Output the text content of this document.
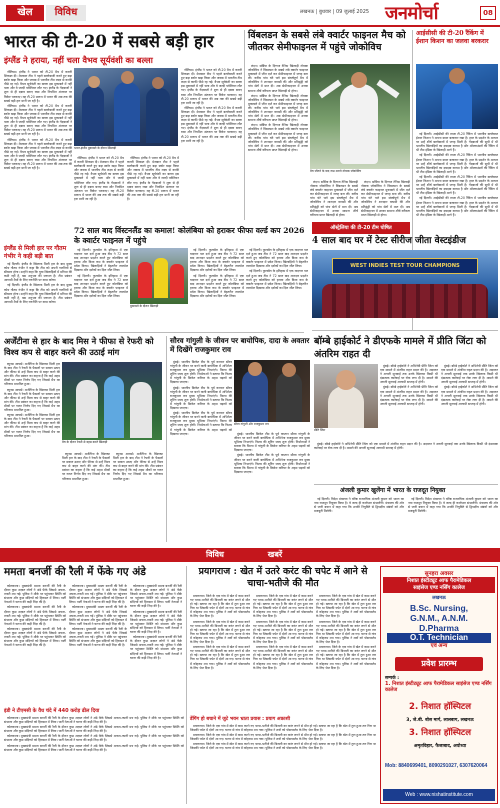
खेल	विविध	लखनऊ | बुधवार | 09 जुलाई 2025 जनमोर्चा	08
भारत की टी-20 में सबसे बड़ी हार
इंग्लैंड ने हराया, नहीं चला वैभव सूर्यवंशी का बल्ला

नॉटिंघम। इंग्लैंड ने भारत को टी-20 मैच में करारी शिकस्त दी। मेजबान टीम ने पहले बल्लेबाजी करते हुए बड़ा स्कोर खड़ा किया और जवाब में भारतीय टीम लक्ष्य से काफी पीछे रह गई। वैभव सूर्यवंशी का बल्ला इस मुकाबले में नहीं चला और वे जल्दी पवेलियन लौट गए। इंग्लैंड के गेंदबाजों ने शुरू से ही दबाव बनाए रखा और नियमित अंतराल पर विकेट चटकाए। यह टी-20 प्रारूप में भारत की अब तक की सबसे बड़ी हार मानी जा रही है।

नॉटिंघम। इंग्लैंड ने भारत को टी-20 मैच में करारी शिकस्त दी। मेजबान टीम ने पहले बल्लेबाजी करते हुए बड़ा स्कोर खड़ा किया और जवाब में भारतीय टीम लक्ष्य से काफी पीछे रह गई। वैभव सूर्यवंशी का बल्ला इस मुकाबले में नहीं चला और वे जल्दी पवेलियन लौट गए। इंग्लैंड के गेंदबाजों ने शुरू से ही दबाव बनाए रखा और नियमित अंतराल पर विकेट चटकाए। यह टी-20 प्रारूप में भारत की अब तक की सबसे बड़ी हार मानी जा रही है।

नॉटिंघम। इंग्लैंड ने भारत को टी-20 मैच में करारी शिकस्त दी। मेजबान टीम ने पहले बल्लेबाजी करते हुए बड़ा स्कोर खड़ा किया और जवाब में भारतीय टीम लक्ष्य से काफी पीछे रह गई। वैभव सूर्यवंशी का बल्ला इस मुकाबले में नहीं चला और वे जल्दी पवेलियन लौट गए। इंग्लैंड के गेंदबाजों ने शुरू से ही दबाव बनाए रखा और नियमित अंतराल पर विकेट चटकाए। यह टी-20 प्रारूप में भारत की अब तक की सबसे बड़ी हार मानी जा रही है।

भारत-इंग्लैंड मुकाबले के दौरान खिलाड़ी

नॉटिंघम। इंग्लैंड ने भारत को टी-20 मैच में करारी शिकस्त दी। मेजबान टीम ने पहले बल्लेबाजी करते हुए बड़ा स्कोर खड़ा किया और जवाब में भारतीय टीम लक्ष्य से काफी पीछे रह गई। वैभव सूर्यवंशी का बल्ला इस मुकाबले में नहीं चला और वे जल्दी पवेलियन लौट गए। इंग्लैंड के गेंदबाजों ने शुरू से ही दबाव बनाए रखा और नियमित अंतराल पर विकेट चटकाए। यह टी-20 प्रारूप में भारत की अब तक की सबसे बड़ी हार मानी जा रही है।

नॉटिंघम। इंग्लैंड ने भारत को टी-20 मैच में करारी शिकस्त दी। मेजबान टीम ने पहले बल्लेबाजी करते हुए बड़ा स्कोर खड़ा किया और जवाब में भारतीय टीम लक्ष्य से काफी पीछे रह गई। वैभव सूर्यवंशी का बल्ला इस मुकाबले में नहीं चला और वे जल्दी पवेलियन लौट गए। इंग्लैंड के गेंदबाजों ने शुरू से ही दबाव बनाए रखा और नियमित अंतराल पर विकेट चटकाए। यह टी-20 प्रारूप में भारत की अब तक की सबसे बड़ी हार मानी जा रही है।

नॉटिंघम। इंग्लैंड ने भारत को टी-20 मैच में करारी शिकस्त दी। मेजबान टीम ने पहले बल्लेबाजी करते हुए बड़ा स्कोर खड़ा किया और जवाब में भारतीय टीम लक्ष्य से काफी पीछे रह गई। वैभव सूर्यवंशी का बल्ला इस मुकाबले में नहीं चला और वे जल्दी पवेलियन लौट गए। इंग्लैंड के गेंदबाजों ने शुरू से ही दबाव बनाए रखा और नियमित अंतराल पर विकेट चटकाए। यह टी-20 प्रारूप में भारत की अब तक की सबसे बड़ी हार मानी जा रही है।

नॉटिंघम। इंग्लैंड ने भारत को टी-20 मैच में करारी शिकस्त दी। मेजबान टीम ने पहले बल्लेबाजी करते हुए बड़ा स्कोर खड़ा किया और जवाब में भारतीय टीम लक्ष्य से काफी पीछे रह गई। वैभव सूर्यवंशी का बल्ला इस मुकाबले में नहीं चला और वे जल्दी पवेलियन लौट गए। इंग्लैंड के गेंदबाजों ने शुरू से ही दबाव बनाए रखा और नियमित अंतराल पर विकेट चटकाए। यह टी-20 प्रारूप में भारत की अब तक की सबसे बड़ी हार मानी जा रही है।

इंग्लैंड से मिली हार पर गौतम गंभीर ने कही बड़ी बात

नई दिल्ली। इंग्लैंड के खिलाफ मिली हार के बाद मुख्य कोच गौतम गंभीर ने कहा कि टीम को अपनी गलतियों से सीखना होगा। उन्होंने कहा कि युवा खिलाड़ियों में प्रतिभा की कमी नहीं है, बस अनुभव की जरूरत है। टीम प्रबंधन आगामी मैचों के लिए रणनीति पर काम करेगा।

नई दिल्ली। इंग्लैंड के खिलाफ मिली हार के बाद मुख्य कोच गौतम गंभीर ने कहा कि टीम को अपनी गलतियों से सीखना होगा। उन्होंने कहा कि युवा खिलाड़ियों में प्रतिभा की कमी नहीं है, बस अनुभव की जरूरत है। टीम प्रबंधन आगामी मैचों के लिए रणनीति पर काम करेगा।

विंबलडन के सबसे लंबे क्वार्टर फाइनल मैच को जीतकर सेमीफाइनल में पहुंचे जोकोविच

लंदन। सर्बिया के दिग्गज टेनिस खिलाड़ी नोवाक जोकोविच ने विंबलडन के सबसे लंबे क्वार्टर फाइनल मुकाबले में जीत दर्ज कर सेमीफाइनल में जगह बना ली। करीब पांच घंटे चले इस संघर्षपूर्ण मैच में जोकोविच ने शानदार वापसी की और प्रतिद्वंद्वी को पांच सेटों में मात दी। अब सेमीफाइनल में उनका सामना शीर्ष वरीयता प्राप्त खिलाड़ी से होगा।

लंदन। सर्बिया के दिग्गज टेनिस खिलाड़ी नोवाक जोकोविच ने विंबलडन के सबसे लंबे क्वार्टर फाइनल मुकाबले में जीत दर्ज कर सेमीफाइनल में जगह बना ली। करीब पांच घंटे चले इस संघर्षपूर्ण मैच में जोकोविच ने शानदार वापसी की और प्रतिद्वंद्वी को पांच सेटों में मात दी। अब सेमीफाइनल में उनका सामना शीर्ष वरीयता प्राप्त खिलाड़ी से होगा।

लंदन। सर्बिया के दिग्गज टेनिस खिलाड़ी नोवाक जोकोविच ने विंबलडन के सबसे लंबे क्वार्टर फाइनल मुकाबले में जीत दर्ज कर सेमीफाइनल में जगह बना ली। करीब पांच घंटे चले इस संघर्षपूर्ण मैच में जोकोविच ने शानदार वापसी की और प्रतिद्वंद्वी को पांच सेटों में मात दी। अब सेमीफाइनल में उनका सामना शीर्ष वरीयता प्राप्त खिलाड़ी से होगा।

मैच जीतने के बाद जश्न मनाते नोवाक जोकोविच

लंदन। सर्बिया के दिग्गज टेनिस खिलाड़ी नोवाक जोकोविच ने विंबलडन के सबसे लंबे क्वार्टर फाइनल मुकाबले में जीत दर्ज कर सेमीफाइनल में जगह बना ली। करीब पांच घंटे चले इस संघर्षपूर्ण मैच में जोकोविच ने शानदार वापसी की और प्रतिद्वंद्वी को पांच सेटों में मात दी। अब सेमीफाइनल में उनका सामना शीर्ष वरीयता प्राप्त खिलाड़ी से होगा।

लंदन। सर्बिया के दिग्गज टेनिस खिलाड़ी नोवाक जोकोविच ने विंबलडन के सबसे लंबे क्वार्टर फाइनल मुकाबले में जीत दर्ज कर सेमीफाइनल में जगह बना ली। करीब पांच घंटे चले इस संघर्षपूर्ण मैच में जोकोविच ने शानदार वापसी की और प्रतिद्वंद्वी को पांच सेटों में मात दी। अब सेमीफाइनल में उनका सामना शीर्ष वरीयता प्राप्त खिलाड़ी से होगा।

आईसीसी की टी-20 रैंकिंग में ईशान किशन का जलवा बरकरार

नई दिल्ली। आईसीसी की ताजा टी-20 रैंकिंग में भारतीय बल्लेबाज ईशान किशन ने अपना स्थान बरकरार रखा है। हाल के प्रदर्शन के आधार पर उन्हें शीर्ष बल्लेबाजों में जगह मिली है। गेंदबाजों की सूची में भी भारतीय खिलाड़ियों का दबदबा कायम है और ऑलराउंडरों की रैंकिंग में भी टीम इंडिया के खिलाड़ी आगे हैं।

नई दिल्ली। आईसीसी की ताजा टी-20 रैंकिंग में भारतीय बल्लेबाज ईशान किशन ने अपना स्थान बरकरार रखा है। हाल के प्रदर्शन के आधार पर उन्हें शीर्ष बल्लेबाजों में जगह मिली है। गेंदबाजों की सूची में भी भारतीय खिलाड़ियों का दबदबा कायम है और ऑलराउंडरों की रैंकिंग में भी टीम इंडिया के खिलाड़ी आगे हैं।

नई दिल्ली। आईसीसी की ताजा टी-20 रैंकिंग में भारतीय बल्लेबाज ईशान किशन ने अपना स्थान बरकरार रखा है। हाल के प्रदर्शन के आधार पर उन्हें शीर्ष बल्लेबाजों में जगह मिली है। गेंदबाजों की सूची में भी भारतीय खिलाड़ियों का दबदबा कायम है और ऑलराउंडरों की रैंकिंग में भी टीम इंडिया के खिलाड़ी आगे हैं।

नई दिल्ली। आईसीसी की ताजा टी-20 रैंकिंग में भारतीय बल्लेबाज ईशान किशन ने अपना स्थान बरकरार रखा है। हाल के प्रदर्शन के आधार पर उन्हें शीर्ष बल्लेबाजों में जगह मिली है। गेंदबाजों की सूची में भी भारतीय खिलाड़ियों का दबदबा कायम है और ऑलराउंडरों की रैंकिंग में भी टीम इंडिया के खिलाड़ी आगे हैं।

72 साल बाद विंस्टनलैंड का कमाल! कोलंबिया को हराकर फीफा वर्ल्ड कप 2026 के क्वार्टर फाइनल में पहुंचे

नई दिल्ली। फुटबॉल के इतिहास में एक यादगार पल दर्ज हुआ जब टीम ने 72 साल बाद शानदार प्रदर्शन करते हुए कोलंबिया को हराया और विश्व कप के क्वार्टर फाइनल में प्रवेश किया। खिलाड़ियों ने बेहतरीन तालमेल दिखाया और दर्शकों का दिल जीत लिया।

नई दिल्ली। फुटबॉल के इतिहास में एक यादगार पल दर्ज हुआ जब टीम ने 72 साल बाद शानदार प्रदर्शन करते हुए कोलंबिया को हराया और विश्व कप के क्वार्टर फाइनल में प्रवेश किया। खिलाड़ियों ने बेहतरीन तालमेल दिखाया और दर्शकों का दिल जीत लिया।

मुकाबले के दौरान खिलाड़ी

नई दिल्ली। फुटबॉल के इतिहास में एक यादगार पल दर्ज हुआ जब टीम ने 72 साल बाद शानदार प्रदर्शन करते हुए कोलंबिया को हराया और विश्व कप के क्वार्टर फाइनल में प्रवेश किया। खिलाड़ियों ने बेहतरीन तालमेल दिखाया और दर्शकों का दिल जीत लिया।

नई दिल्ली। फुटबॉल के इतिहास में एक यादगार पल दर्ज हुआ जब टीम ने 72 साल बाद शानदार प्रदर्शन करते हुए कोलंबिया को हराया और विश्व कप के क्वार्टर फाइनल में प्रवेश किया। खिलाड़ियों ने बेहतरीन तालमेल दिखाया और दर्शकों का दिल जीत लिया।

नई दिल्ली। फुटबॉल के इतिहास में एक यादगार पल दर्ज हुआ जब टीम ने 72 साल बाद शानदार प्रदर्शन करते हुए कोलंबिया को हराया और विश्व कप के क्वार्टर फाइनल में प्रवेश किया। खिलाड़ियों ने बेहतरीन तालमेल दिखाया और दर्शकों का दिल जीत लिया।

नई दिल्ली। फुटबॉल के इतिहास में एक यादगार पल दर्ज हुआ जब टीम ने 72 साल बाद शानदार प्रदर्शन करते हुए कोलंबिया को हराया और विश्व कप के क्वार्टर फाइनल में प्रवेश किया। खिलाड़ियों ने बेहतरीन तालमेल दिखाया और दर्शकों का दिल जीत लिया।

ऑस्ट्रेलिया की टी-20 टीम घोषित
4 साल बाद घर में टेस्ट सीरीज जीता वेस्टइंडीज
WEST INDIES TEST TOUR CHAMPIONS
अर्जेंटीना से हार के बाद मिस ने फीफा से रेफरी को विश्व कप से बाहर करने की उठाई मांग

ब्यूनस आयर्स। अर्जेंटीना के खिलाफ मिली हार के बाद टीम ने रेफरी के फैसलों पर सवाल उठाए और फीफा से उन्हें विश्व कप से बाहर करने की मांग की। टीम प्रबंधन का कहना है कि कई अहम मौकों पर गलत निर्णय दिए गए जिससे मैच का परिणाम प्रभावित हुआ।

ब्यूनस आयर्स। अर्जेंटीना के खिलाफ मिली हार के बाद टीम ने रेफरी के फैसलों पर सवाल उठाए और फीफा से उन्हें विश्व कप से बाहर करने की मांग की। टीम प्रबंधन का कहना है कि कई अहम मौकों पर गलत निर्णय दिए गए जिससे मैच का परिणाम प्रभावित हुआ।

ब्यूनस आयर्स। अर्जेंटीना के खिलाफ मिली हार के बाद टीम ने रेफरी के फैसलों पर सवाल उठाए और फीफा से उन्हें विश्व कप से बाहर करने की मांग की। टीम प्रबंधन का कहना है कि कई अहम मौकों पर गलत निर्णय दिए गए जिससे मैच का परिणाम प्रभावित हुआ।

मैच के दौरान रेफरी से बहस करते खिलाड़ी

ब्यूनस आयर्स। अर्जेंटीना के खिलाफ मिली हार के बाद टीम ने रेफरी के फैसलों पर सवाल उठाए और फीफा से उन्हें विश्व कप से बाहर करने की मांग की। टीम प्रबंधन का कहना है कि कई अहम मौकों पर गलत निर्णय दिए गए जिससे मैच का परिणाम प्रभावित हुआ।

ब्यूनस आयर्स। अर्जेंटीना के खिलाफ मिली हार के बाद टीम ने रेफरी के फैसलों पर सवाल उठाए और फीफा से उन्हें विश्व कप से बाहर करने की मांग की। टीम प्रबंधन का कहना है कि कई अहम मौकों पर गलत निर्णय दिए गए जिससे मैच का परिणाम प्रभावित हुआ।

सौरव गांगुली के जीवन पर बायोपिक, दादा के अवतार में दिखेंगे राजकुमार राव

मुंबई। भारतीय क्रिकेट टीम के पूर्व कप्तान सौरव गांगुली के जीवन पर बनने वाली बायोपिक में अभिनेता राजकुमार राव मुख्य भूमिका निभाएंगे। फिल्म की शूटिंग जल्द शुरू होगी। निर्माताओं ने बताया कि फिल्म में गांगुली के क्रिकेट करियर के अहम पड़ावों को दिखाया जाएगा।

मुंबई। भारतीय क्रिकेट टीम के पूर्व कप्तान सौरव गांगुली के जीवन पर बनने वाली बायोपिक में अभिनेता राजकुमार राव मुख्य भूमिका निभाएंगे। फिल्म की शूटिंग जल्द शुरू होगी। निर्माताओं ने बताया कि फिल्म में गांगुली के क्रिकेट करियर के अहम पड़ावों को दिखाया जाएगा।

मुंबई। भारतीय क्रिकेट टीम के पूर्व कप्तान सौरव गांगुली के जीवन पर बनने वाली बायोपिक में अभिनेता राजकुमार राव मुख्य भूमिका निभाएंगे। फिल्म की शूटिंग जल्द शुरू होगी। निर्माताओं ने बताया कि फिल्म में गांगुली के क्रिकेट करियर के अहम पड़ावों को दिखाया जाएगा।

सौरव गांगुली और राजकुमार राव

मुंबई। भारतीय क्रिकेट टीम के पूर्व कप्तान सौरव गांगुली के जीवन पर बनने वाली बायोपिक में अभिनेता राजकुमार राव मुख्य भूमिका निभाएंगे। फिल्म की शूटिंग जल्द शुरू होगी। निर्माताओं ने बताया कि फिल्म में गांगुली के क्रिकेट करियर के अहम पड़ावों को दिखाया जाएगा।

मुंबई। भारतीय क्रिकेट टीम के पूर्व कप्तान सौरव गांगुली के जीवन पर बनने वाली बायोपिक में अभिनेता राजकुमार राव मुख्य भूमिका निभाएंगे। फिल्म की शूटिंग जल्द शुरू होगी। निर्माताओं ने बताया कि फिल्म में गांगुली के क्रिकेट करियर के अहम पड़ावों को दिखाया जाएगा।

बॉम्बे हाईकोर्ट ने डीएफके मामले में प्रीति जिंटा को अंतरिम राहत दी
प्रीति जिंटा

मुंबई। बॉम्बे हाईकोर्ट ने अभिनेत्री प्रीति जिंटा को एक मामले में अंतरिम राहत प्रदान की है। अदालत ने अगली सुनवाई तक उनके खिलाफ किसी भी दंडात्मक कार्रवाई पर रोक लगा दी है। मामले की अगली सुनवाई आगामी सप्ताह में होगी।

मुंबई। बॉम्बे हाईकोर्ट ने अभिनेत्री प्रीति जिंटा को एक मामले में अंतरिम राहत प्रदान की है। अदालत ने अगली सुनवाई तक उनके खिलाफ किसी भी दंडात्मक कार्रवाई पर रोक लगा दी है। मामले की अगली सुनवाई आगामी सप्ताह में होगी।

मुंबई। बॉम्बे हाईकोर्ट ने अभिनेत्री प्रीति जिंटा को एक मामले में अंतरिम राहत प्रदान की है। अदालत ने अगली सुनवाई तक उनके खिलाफ किसी भी दंडात्मक कार्रवाई पर रोक लगा दी है। मामले की अगली सुनवाई आगामी सप्ताह में होगी।

मुंबई। बॉम्बे हाईकोर्ट ने अभिनेत्री प्रीति जिंटा को एक मामले में अंतरिम राहत प्रदान की है। अदालत ने अगली सुनवाई तक उनके खिलाफ किसी भी दंडात्मक कार्रवाई पर रोक लगा दी है। मामले की अगली सुनवाई आगामी सप्ताह में होगी।

अंजली कुमार खुलेंगा में भारत के राजदूत नियुक्त

नई दिल्ली। विदेश मंत्रालय ने वरिष्ठ राजनयिक अंजली कुमार को भारत का नया राजदूत नियुक्त किया है। वे जल्द ही कार्यभार संभालेंगी। मंत्रालय की ओर से जारी बयान में कहा गया कि उनकी नियुक्ति से द्विपक्षीय संबंधों को और मजबूती मिलेगी।

नई दिल्ली। विदेश मंत्रालय ने वरिष्ठ राजनयिक अंजली कुमार को भारत का नया राजदूत नियुक्त किया है। वे जल्द ही कार्यभार संभालेंगी। मंत्रालय की ओर से जारी बयान में कहा गया कि उनकी नियुक्ति से द्विपक्षीय संबंधों को और मजबूती मिलेगी।

मुंबई। बॉम्बे हाईकोर्ट ने अभिनेत्री प्रीति जिंटा को एक मामले में अंतरिम राहत प्रदान की है। अदालत ने अगली सुनवाई तक उनके खिलाफ किसी भी दंडात्मक कार्रवाई पर रोक लगा दी है। मामले की अगली सुनवाई आगामी सप्ताह में होगी।

विविध	खबरें
ममता बनर्जी की रैली में फेंके गए अंडे

कोलकाता। मुख्यमंत्री ममता बनर्जी की रैली के दौरान कुछ अज्ञात लोगों ने अंडे फेंके जिससे अफरा-तफरी मच गई। पुलिस ने मौके पर पहुंचकर स्थिति को संभाला और कुछ संदिग्धों को हिरासत में लिया। पार्टी नेताओं ने घटना की कड़ी निंदा की है।

कोलकाता। मुख्यमंत्री ममता बनर्जी की रैली के दौरान कुछ अज्ञात लोगों ने अंडे फेंके जिससे अफरा-तफरी मच गई। पुलिस ने मौके पर पहुंचकर स्थिति को संभाला और कुछ संदिग्धों को हिरासत में लिया। पार्टी नेताओं ने घटना की कड़ी निंदा की है।

कोलकाता। मुख्यमंत्री ममता बनर्जी की रैली के दौरान कुछ अज्ञात लोगों ने अंडे फेंके जिससे अफरा-तफरी मच गई। पुलिस ने मौके पर पहुंचकर स्थिति को संभाला और कुछ संदिग्धों को हिरासत में लिया। पार्टी नेताओं ने घटना की कड़ी निंदा की है।

कोलकाता। मुख्यमंत्री ममता बनर्जी की रैली के दौरान कुछ अज्ञात लोगों ने अंडे फेंके जिससे अफरा-तफरी मच गई। पुलिस ने मौके पर पहुंचकर स्थिति को संभाला और कुछ संदिग्धों को हिरासत में लिया। पार्टी नेताओं ने घटना की कड़ी निंदा की है।

कोलकाता। मुख्यमंत्री ममता बनर्जी की रैली के दौरान कुछ अज्ञात लोगों ने अंडे फेंके जिससे अफरा-तफरी मच गई। पुलिस ने मौके पर पहुंचकर स्थिति को संभाला और कुछ संदिग्धों को हिरासत में लिया। पार्टी नेताओं ने घटना की कड़ी निंदा की है।

कोलकाता। मुख्यमंत्री ममता बनर्जी की रैली के दौरान कुछ अज्ञात लोगों ने अंडे फेंके जिससे अफरा-तफरी मच गई। पुलिस ने मौके पर पहुंचकर स्थिति को संभाला और कुछ संदिग्धों को हिरासत में लिया। पार्टी नेताओं ने घटना की कड़ी निंदा की है।

कोलकाता। मुख्यमंत्री ममता बनर्जी की रैली के दौरान कुछ अज्ञात लोगों ने अंडे फेंके जिससे अफरा-तफरी मच गई। पुलिस ने मौके पर पहुंचकर स्थिति को संभाला और कुछ संदिग्धों को हिरासत में लिया। पार्टी नेताओं ने घटना की कड़ी निंदा की है।

कोलकाता। मुख्यमंत्री ममता बनर्जी की रैली के दौरान कुछ अज्ञात लोगों ने अंडे फेंके जिससे अफरा-तफरी मच गई। पुलिस ने मौके पर पहुंचकर स्थिति को संभाला और कुछ संदिग्धों को हिरासत में लिया। पार्टी नेताओं ने घटना की कड़ी निंदा की है।

कोलकाता। मुख्यमंत्री ममता बनर्जी की रैली के दौरान कुछ अज्ञात लोगों ने अंडे फेंके जिससे अफरा-तफरी मच गई। पुलिस ने मौके पर पहुंचकर स्थिति को संभाला और कुछ संदिग्धों को हिरासत में लिया। पार्टी नेताओं ने घटना की कड़ी निंदा की है।

इंडी ने टीएमसी के वैध चंदे में 440 करोड़ ढील दिया

कोलकाता। मुख्यमंत्री ममता बनर्जी की रैली के दौरान कुछ अज्ञात लोगों ने अंडे फेंके जिससे अफरा-तफरी मच गई। पुलिस ने मौके पर पहुंचकर स्थिति को संभाला और कुछ संदिग्धों को हिरासत में लिया। पार्टी नेताओं ने घटना की कड़ी निंदा की है।

कोलकाता। मुख्यमंत्री ममता बनर्जी की रैली के दौरान कुछ अज्ञात लोगों ने अंडे फेंके जिससे अफरा-तफरी मच गई। पुलिस ने मौके पर पहुंचकर स्थिति को संभाला और कुछ संदिग्धों को हिरासत में लिया। पार्टी नेताओं ने घटना की कड़ी निंदा की है।

कोलकाता। मुख्यमंत्री ममता बनर्जी की रैली के दौरान कुछ अज्ञात लोगों ने अंडे फेंके जिससे अफरा-तफरी मच गई। पुलिस ने मौके पर पहुंचकर स्थिति को संभाला और कुछ संदिग्धों को हिरासत में लिया। पार्टी नेताओं ने घटना की कड़ी निंदा की है।

कोलकाता। मुख्यमंत्री ममता बनर्जी की रैली के दौरान कुछ अज्ञात लोगों ने अंडे फेंके जिससे अफरा-तफरी मच गई। पुलिस ने मौके पर पहुंचकर स्थिति को संभाला और कुछ संदिग्धों को हिरासत में लिया। पार्टी नेताओं ने घटना की कड़ी निंदा की है।

प्रयागराज : खेत में उतरे करंट की चपेट में आने से चाचा-भतीजे की मौत

प्रयागराज। जिले के एक गांव में खेत में काम करने गए चाचा-भतीजे की बिजली का करंट लगने से मौत हो गई। बताया जा रहा है कि खेत में टूटा हुआ तार गिरा था जिसकी चपेट में दोनों आ गए। घटना से गांव में कोहराम मच गया। पुलिस ने शवों को पोस्टमार्टम के लिए भेज दिया है।

प्रयागराज। जिले के एक गांव में खेत में काम करने गए चाचा-भतीजे की बिजली का करंट लगने से मौत हो गई। बताया जा रहा है कि खेत में टूटा हुआ तार गिरा था जिसकी चपेट में दोनों आ गए। घटना से गांव में कोहराम मच गया। पुलिस ने शवों को पोस्टमार्टम के लिए भेज दिया है।

प्रयागराज। जिले के एक गांव में खेत में काम करने गए चाचा-भतीजे की बिजली का करंट लगने से मौत हो गई। बताया जा रहा है कि खेत में टूटा हुआ तार गिरा था जिसकी चपेट में दोनों आ गए। घटना से गांव में कोहराम मच गया। पुलिस ने शवों को पोस्टमार्टम के लिए भेज दिया है।

प्रयागराज। जिले के एक गांव में खेत में काम करने गए चाचा-भतीजे की बिजली का करंट लगने से मौत हो गई। बताया जा रहा है कि खेत में टूटा हुआ तार गिरा था जिसकी चपेट में दोनों आ गए। घटना से गांव में कोहराम मच गया। पुलिस ने शवों को पोस्टमार्टम के लिए भेज दिया है।

प्रयागराज। जिले के एक गांव में खेत में काम करने गए चाचा-भतीजे की बिजली का करंट लगने से मौत हो गई। बताया जा रहा है कि खेत में टूटा हुआ तार गिरा था जिसकी चपेट में दोनों आ गए। घटना से गांव में कोहराम मच गया। पुलिस ने शवों को पोस्टमार्टम के लिए भेज दिया है।

प्रयागराज। जिले के एक गांव में खेत में काम करने गए चाचा-भतीजे की बिजली का करंट लगने से मौत हो गई। बताया जा रहा है कि खेत में टूटा हुआ तार गिरा था जिसकी चपेट में दोनों आ गए। घटना से गांव में कोहराम मच गया। पुलिस ने शवों को पोस्टमार्टम के लिए भेज दिया है।

प्रयागराज। जिले के एक गांव में खेत में काम करने गए चाचा-भतीजे की बिजली का करंट लगने से मौत हो गई। बताया जा रहा है कि खेत में टूटा हुआ तार गिरा था जिसकी चपेट में दोनों आ गए। घटना से गांव में कोहराम मच गया। पुलिस ने शवों को पोस्टमार्टम के लिए भेज दिया है।

प्रयागराज। जिले के एक गांव में खेत में काम करने गए चाचा-भतीजे की बिजली का करंट लगने से मौत हो गई। बताया जा रहा है कि खेत में टूटा हुआ तार गिरा था जिसकी चपेट में दोनों आ गए। घटना से गांव में कोहराम मच गया। पुलिस ने शवों को पोस्टमार्टम के लिए भेज दिया है।

प्रयागराज। जिले के एक गांव में खेत में काम करने गए चाचा-भतीजे की बिजली का करंट लगने से मौत हो गई। बताया जा रहा है कि खेत में टूटा हुआ तार गिरा था जिसकी चपेट में दोनों आ गए। घटना से गांव में कोहराम मच गया। पुलिस ने शवों को पोस्टमार्टम के लिए भेज दिया है।

डेंगिंग हो बचाने में जुटे भवन भ्राता प्रयास : प्रयाग अफ़ाशी

प्रयागराज। जिले के एक गांव में खेत में काम करने गए चाचा-भतीजे की बिजली का करंट लगने से मौत हो गई। बताया जा रहा है कि खेत में टूटा हुआ तार गिरा था जिसकी चपेट में दोनों आ गए। घटना से गांव में कोहराम मच गया। पुलिस ने शवों को पोस्टमार्टम के लिए भेज दिया है।

प्रयागराज। जिले के एक गांव में खेत में काम करने गए चाचा-भतीजे की बिजली का करंट लगने से मौत हो गई। बताया जा रहा है कि खेत में टूटा हुआ तार गिरा था जिसकी चपेट में दोनों आ गए। घटना से गांव में कोहराम मच गया। पुलिस ने शवों को पोस्टमार्टम के लिए भेज दिया है।

प्रयागराज। जिले के एक गांव में खेत में काम करने गए चाचा-भतीजे की बिजली का करंट लगने से मौत हो गई। बताया जा रहा है कि खेत में टूटा हुआ तार गिरा था जिसकी चपेट में दोनों आ गए। घटना से गांव में कोहराम मच गया। पुलिस ने शवों को पोस्टमार्टम के लिए भेज दिया है।

सुनहरा अवसर
निशात इंस्टीट्यूट आफ पैरामेडिकल
साइंसेज एण्ड नर्सिंग कालेज
लखनऊ
B.Sc. Nursing,
G.N.M., A.N.M.
D.Pharma
O.T. Technician
एवं अन्य
प्रवेश प्रारम्भ
सम्पर्क :
1. निशात इंस्टीट्यूट आफ पैरामेडिकल साइंसेज एण्ड नर्सिंग कालेज
2. निशात हॉस्पिटल
3, जे.बी. बोस मार्ग, लालबाग, लखनऊ
3. निशात हॉस्पिटल
अमृतविहार, फैजाबाद, अयोध्या
Mob: 8840699401, 8090291027, 6307620064
Web : www.nishatinstitute.com
